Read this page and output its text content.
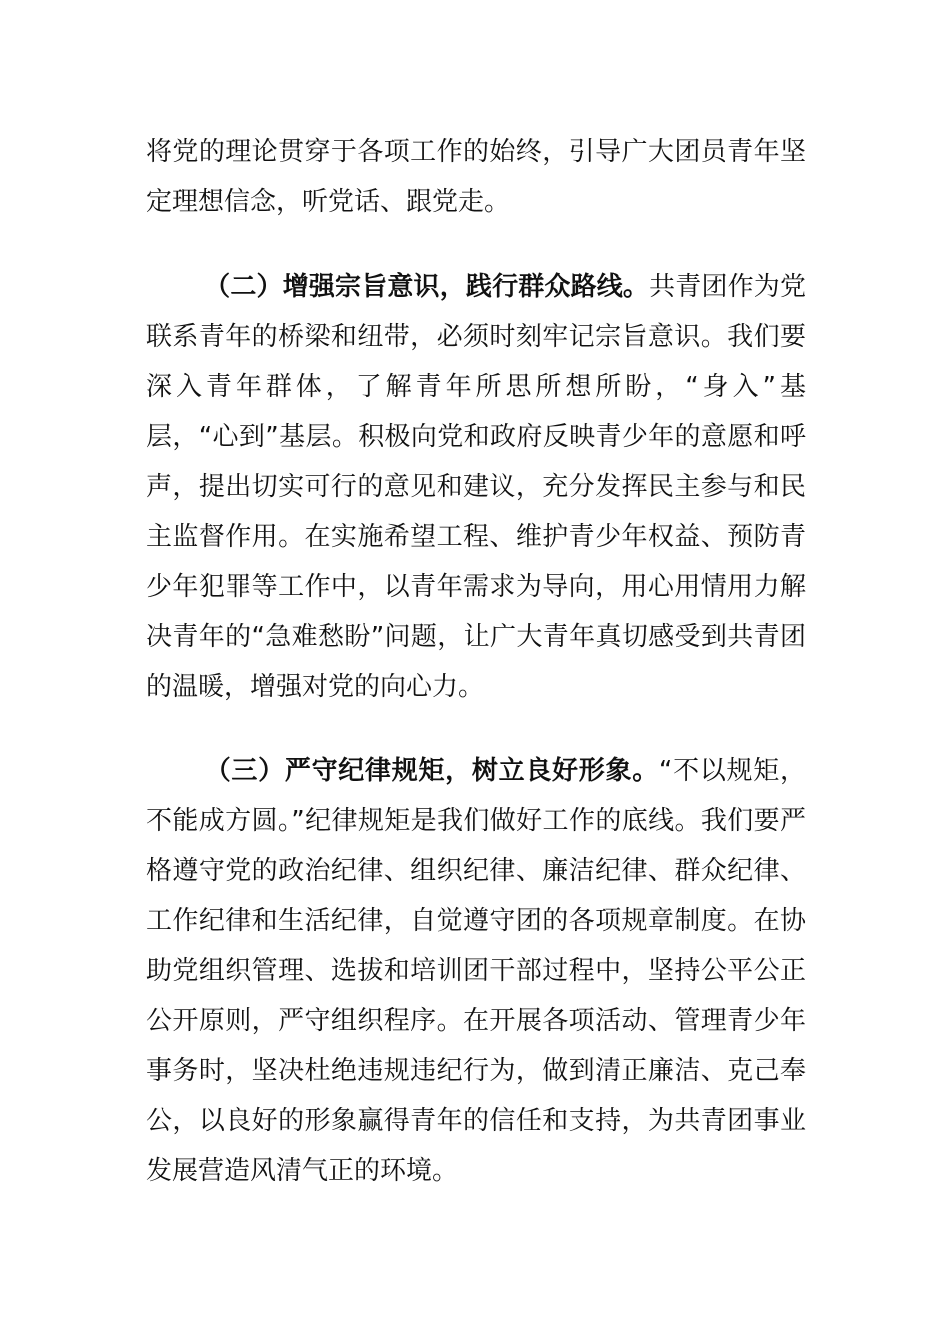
将党的理论贯穿于各项工作的始终，引导广大团员青年坚定理想信念，听党话、跟党走。

（二）增强宗旨意识，践行群众路线。共青团作为党联系青年的桥梁和纽带，必须时刻牢记宗旨意识。我们要深入青年群体，了解青年所思所想所盼，“身入”基层，“心到”基层。积极向党和政府反映青少年的意愿和呼声，提出切实可行的意见和建议，充分发挥民主参与和民主监督作用。在实施希望工程、维护青少年权益、预防青少年犯罪等工作中，以青年需求为导向，用心用情用力解决青年的“急难愁盼”问题，让广大青年真切感受到共青团的温暖，增强对党的向心力。

（三）严守纪律规矩，树立良好形象。“不以规矩，不能成方圆。”纪律规矩是我们做好工作的底线。我们要严格遵守党的政治纪律、组织纪律、廉洁纪律、群众纪律、工作纪律和生活纪律，自觉遵守团的各项规章制度。在协助党组织管理、选拔和培训团干部过程中，坚持公平公正公开原则，严守组织程序。在开展各项活动、管理青少年事务时，坚决杜绝违规违纪行为，做到清正廉洁、克己奉公，以良好的形象赢得青年的信任和支持，为共青团事业发展营造风清气正的环境。
